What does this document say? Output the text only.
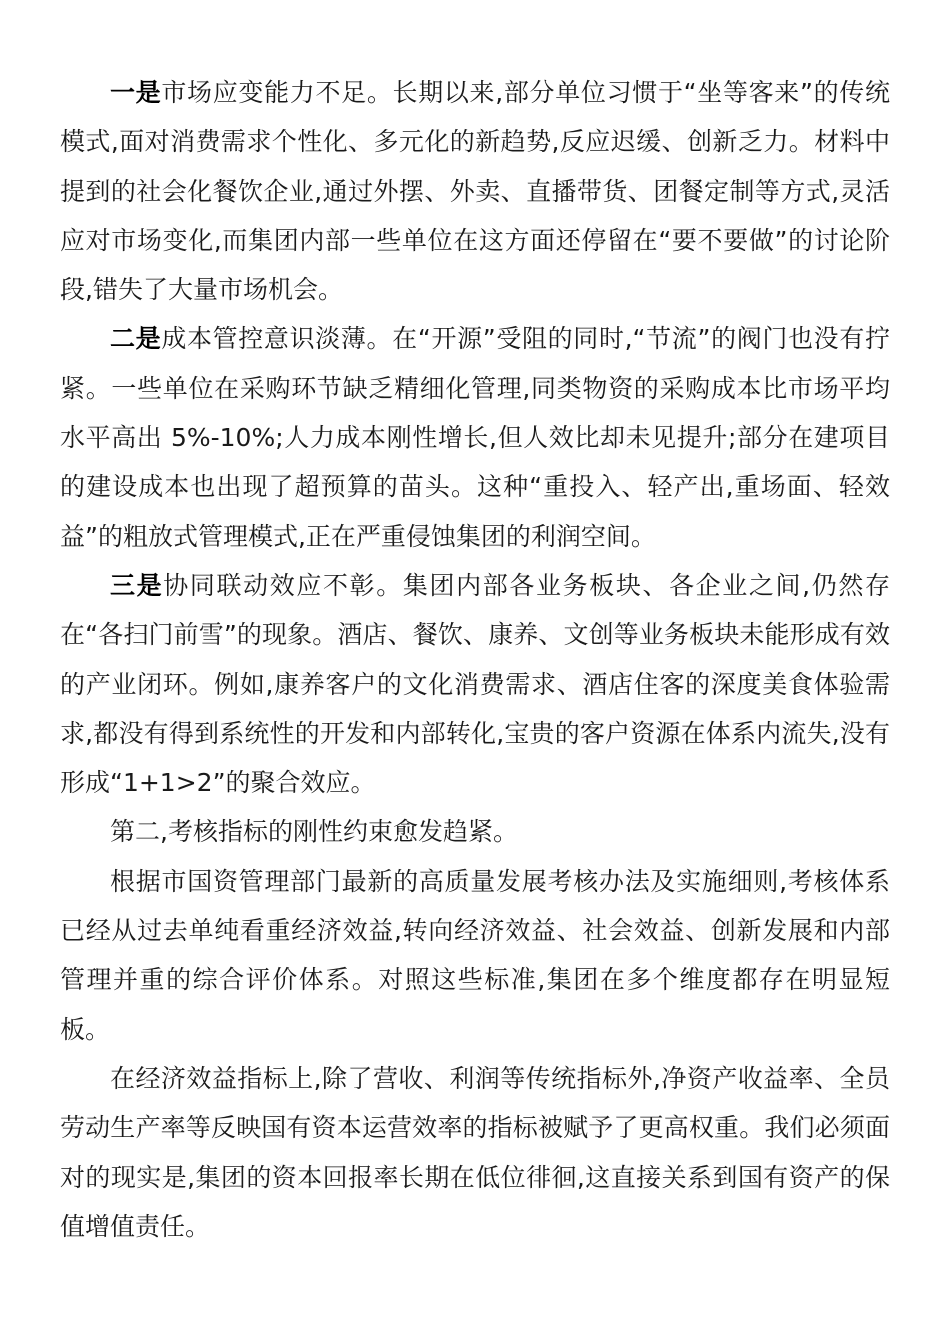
一是市场应变能力不足。长期以来,部分单位习惯于“坐等客来”的传统模式,面对消费需求个性化、多元化的新趋势,反应迟缓、创新乏力。材料中提到的社会化餐饮企业,通过外摆、外卖、直播带货、团餐定制等方式,灵活应对市场变化,而集团内部一些单位在这方面还停留在“要不要做”的讨论阶段,错失了大量市场机会。

二是成本管控意识淡薄。在“开源”受阻的同时,“节流”的阀门也没有拧紧。一些单位在采购环节缺乏精细化管理,同类物资的采购成本比市场平均水平高出 5%-10%;人力成本刚性增长,但人效比却未见提升;部分在建项目的建设成本也出现了超预算的苗头。这种“重投入、轻产出,重场面、轻效益”的粗放式管理模式,正在严重侵蚀集团的利润空间。

三是协同联动效应不彰。集团内部各业务板块、各企业之间,仍然存在“各扫门前雪”的现象。酒店、餐饮、康养、文创等业务板块未能形成有效的产业闭环。例如,康养客户的文化消费需求、酒店住客的深度美食体验需求,都没有得到系统性的开发和内部转化,宝贵的客户资源在体系内流失,没有形成“1+1>2”的聚合效应。

第二,考核指标的刚性约束愈发趋紧。

根据市国资管理部门最新的高质量发展考核办法及实施细则,考核体系已经从过去单纯看重经济效益,转向经济效益、社会效益、创新发展和内部管理并重的综合评价体系。对照这些标准,集团在多个维度都存在明显短板。

在经济效益指标上,除了营收、利润等传统指标外,净资产收益率、全员劳动生产率等反映国有资本运营效率的指标被赋予了更高权重。我们必须面对的现实是,集团的资本回报率长期在低位徘徊,这直接关系到国有资产的保值增值责任。
